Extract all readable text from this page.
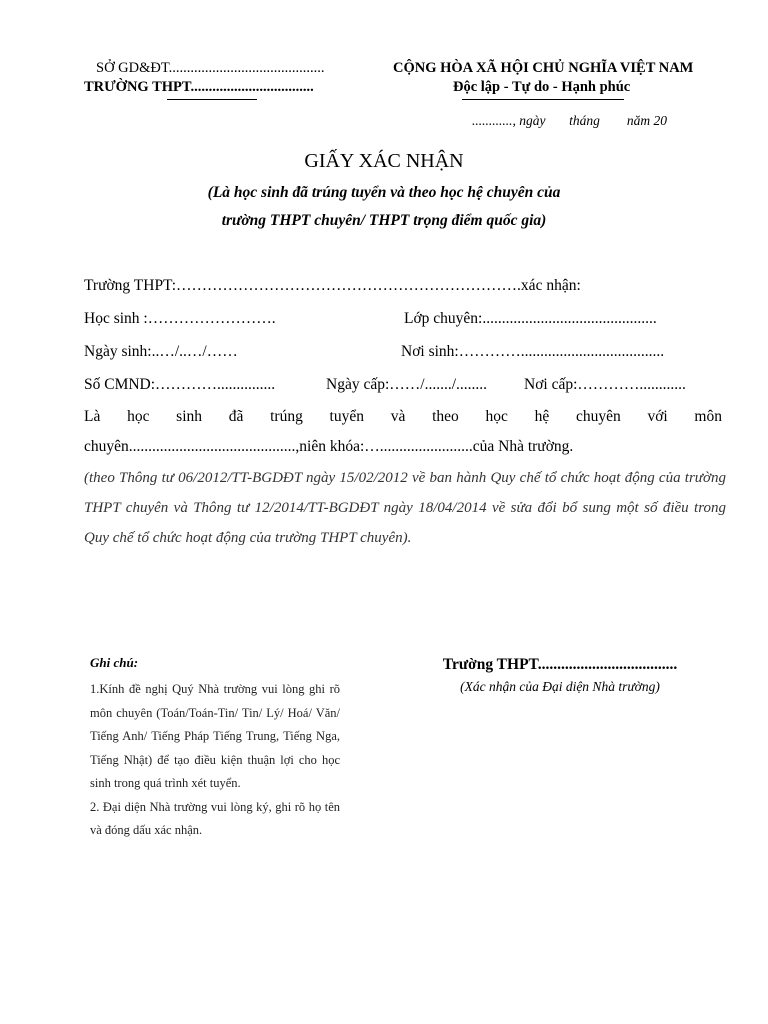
SỞ GD&ĐT...........................................
TRƯỜNG THPT..................................
CỘNG HÒA XÃ HỘI CHỦ NGHĨA VIỆT NAM
Độc lập - Tự do - Hạnh phúc
............, ngày       tháng        năm 20
GIẤY XÁC NHẬN
(Là học sinh đã trúng tuyển và theo học hệ chuyên của
trường THPT chuyên/ THPT trọng điểm quốc gia)
Trường THPT:………………………………………………………….xác nhận:
Học sinh :…………………….	Lớp chuyên:.............................................
Ngày sinh:..…/..…/……	Nơi sinh:………….....................................
Số CMND:…………...............	Ngày cấp:……/......./........ Nơi cấp:…………............
Là học sinh đã trúng tuyển và theo học hệ chuyên với môn
chuyên...........................................,niên khóa:…........................của Nhà trường.
(theo Thông tư 06/2012/TT-BGDĐT ngày 15/02/2012 về ban hành Quy chế tổ chức hoạt động của trường THPT chuyên và Thông tư 12/2014/TT-BGDĐT ngày 18/04/2014 về sửa đổi bổ sung một số điều trong Quy chế tổ chức hoạt động của trường THPT chuyên).
Ghi chú:

1.Kính đề nghị Quý Nhà trường vui lòng ghi rõ môn chuyên (Toán/Toán-Tin/ Tin/ Lý/ Hoá/ Văn/ Tiếng Anh/ Tiếng Pháp Tiếng Trung, Tiếng Nga, Tiếng Nhật) để tạo điều kiện thuận lợi cho học sinh trong quá trình xét tuyển.

2. Đại diện Nhà trường vui lòng ký, ghi rõ họ tên và đóng dấu xác nhận.

Trường THPT....................................
(Xác nhận của Đại diện Nhà trường)
